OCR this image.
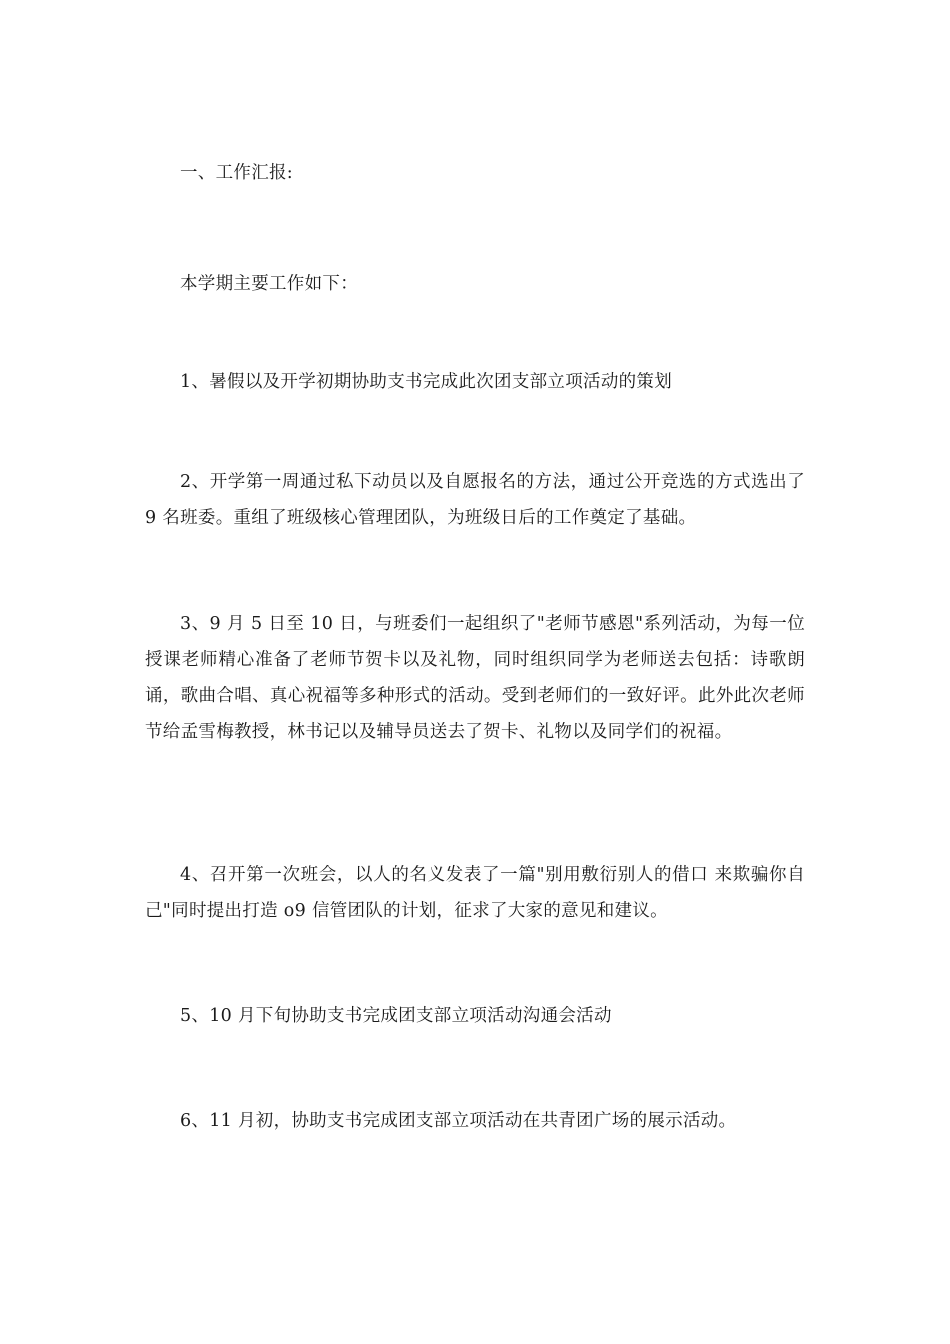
一、工作汇报:

本学期主要工作如下：

1、暑假以及开学初期协助支书完成此次团支部立项活动的策划

2、开学第一周通过私下动员以及自愿报名的方法，通过公开竞选的方式选出了 9 名班委。重组了班级核心管理团队，为班级日后的工作奠定了基础。

3、9 月 5 日至 10 日，与班委们一起组织了"老师节感恩"系列活动，为每一位授课老师精心准备了老师节贺卡以及礼物，同时组织同学为老师送去包括：诗歌朗诵，歌曲合唱、真心祝福等多种形式的活动。受到老师们的一致好评。此外此次老师节给孟雪梅教授，林书记以及辅导员送去了贺卡、礼物以及同学们的祝福。

4、召开第一次班会，以人的名义发表了一篇"别用敷衍别人的借口 来欺骗你自己"同时提出打造 o9 信管团队的计划，征求了大家的意见和建议。

5、10 月下旬协助支书完成团支部立项活动沟通会活动

6、11 月初，协助支书完成团支部立项活动在共青团广场的展示活动。
